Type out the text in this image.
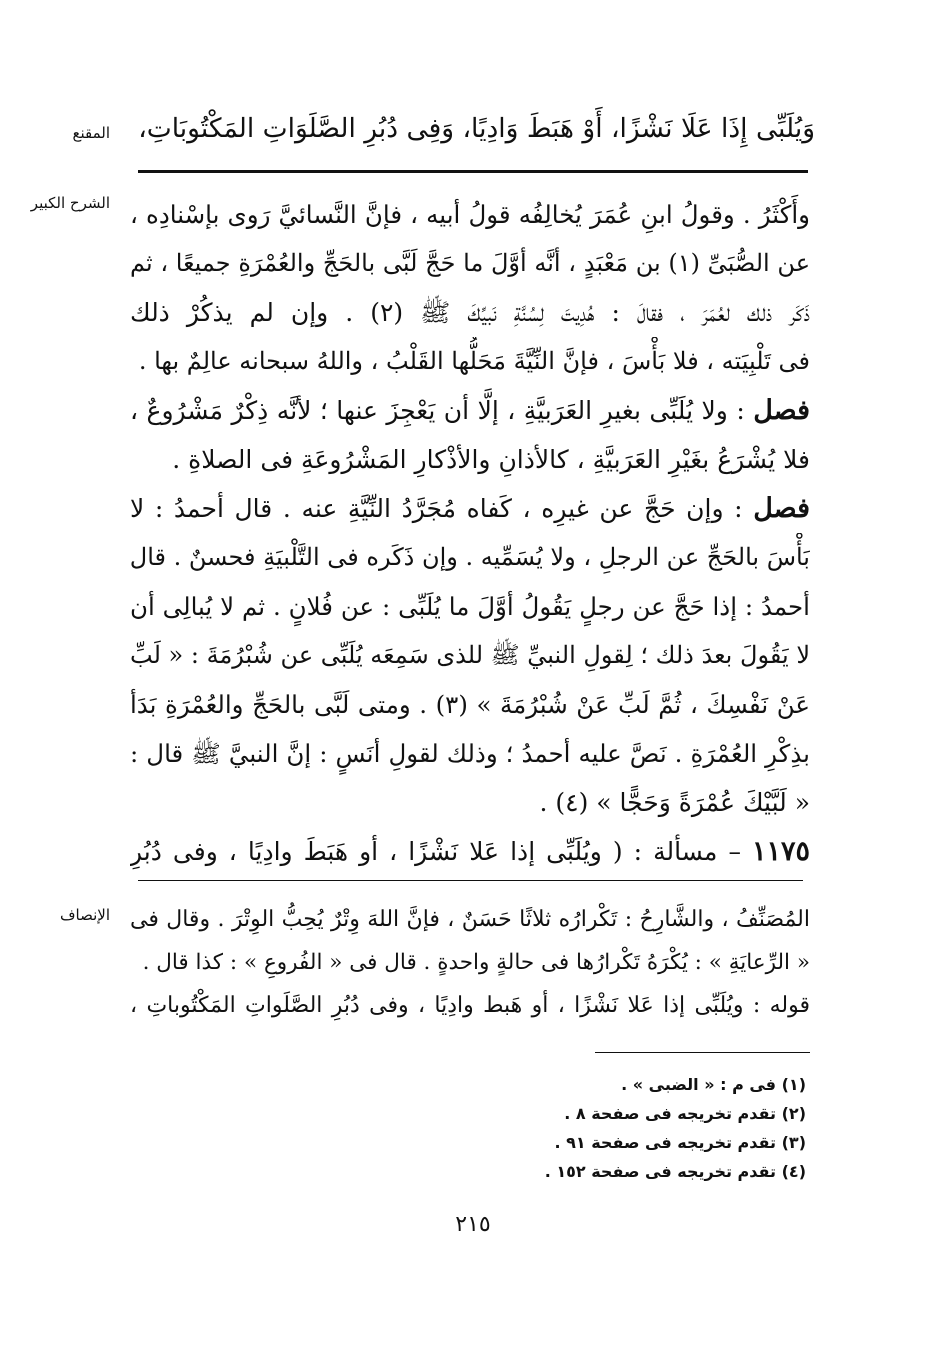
المقنع
الشرح الكبير
الإنصاف
وَيُلَبِّى إِذَا عَلَا نَشْزًا، أَوْ هَبَطَ وَادِيًا، وَفِى دُبُرِ الصَّلَوَاتِ المَكْتُوبَاتِ،
وأَكْثَرُ . وقولُ ابنِ عُمَرَ يُخالِفُه قولُ أبيه ، فإنَّ النَّسائيَّ رَوى بإسْنادِه ،
عن الصُّبَىِّ (١) بن مَعْبَدٍ ، أنَّه أوَّلَ ما حَجَّ لَبَّى بالحَجِّ والعُمْرَةِ جميعًا ، ثم
ذَكَر ذلك لعُمَرَ ، فقالَ : هُدِيتَ لِسُنَّةِ نَبيِّكَ ﷺ (٢) . وإن لم يذكُرْ ذلك
فى تَلْبِيَته ، فلا بَأْسَ ، فإنَّ النِّيَّةَ مَحَلُّها القَلْبُ ، واللهُ سبحانه عالِمٌ بها .
فصل : ولا يُلَبِّى بغيرِ العَرَبيَّةِ ، إلَّا أن يَعْجِزَ عنها ؛ لأنَّه ذِكْرٌ مَشْرُوعٌ ،
فلا يُشْرَعُ بغَيْرِ العَرَبيَّةِ ، كالأذانِ والأذْكارِ المَشْرُوعَةِ فى الصلاةِ .
فصل : وإن حَجَّ عن غيرِه ، كَفاه مُجَرَّدُ النِّيَّةِ عنه . قال أحمدُ : لا
بَأْسَ بالحَجِّ عن الرجلِ ، ولا يُسَمِّيه . وإن ذَكَره فى التَّلْبيَةِ فحسنٌ . قال
أحمدُ : إذا حَجَّ عن رجلٍ يَقُولُ أوَّلَ ما يُلَبِّى : عن فُلانٍ . ثم لا يُبالِى أن
لا يَقُولَ بعدَ ذلك ؛ لِقولِ النبيِّ ﷺ للذى سَمِعَه يُلَبِّى عن شُبْرُمَةَ : « لَبِّ
عَنْ نَفْسِكَ ، ثُمَّ لَبِّ عَنْ شُبْرُمَةَ » (٣) . ومتى لَبَّى بالحَجِّ والعُمْرَةِ بَدَأ
بذِكْرِ العُمْرَةِ . نَصَّ عليه أحمدُ ؛ وذلك لقولِ أنَسٍ : إنَّ النبيَّ ﷺ قال :
« لَبَّيْكَ عُمْرَةً وَحَجًّا » (٤) .
١١٧٥ – مسألة : ( ويُلَبِّى إذا عَلا نَشْزًا ، أو هَبَطَ وادِيًا ، وفى دُبُرِ
المُصَنِّفُ ، والشَّارِحُ : تَكْرارُه ثلاثًا حَسَنٌ ، فإنَّ اللهَ وِتْرٌ يُحِبُّ الوِتْرَ . وقال فى
« الرِّعايَةِ » : يُكْرَهُ تَكْرارُها فى حالةٍ واحدةٍ . قال فى « الفُروعِ » : كذا قال .
قوله : ويُلَبِّى إذا عَلا نَشْزًا ، أو هَبط وادِيًا ، وفى دُبُرِ الصَّلَواتِ المَكْتُوباتِ ،
(١) فى م : « الضبى » .
(٢) تقدم تخريجه فى صفحة ٨ .
(٣) تقدم تخريجه فى صفحة ٩١ .
(٤) تقدم تخريجه فى صفحة ١٥٢ .
٢١٥
